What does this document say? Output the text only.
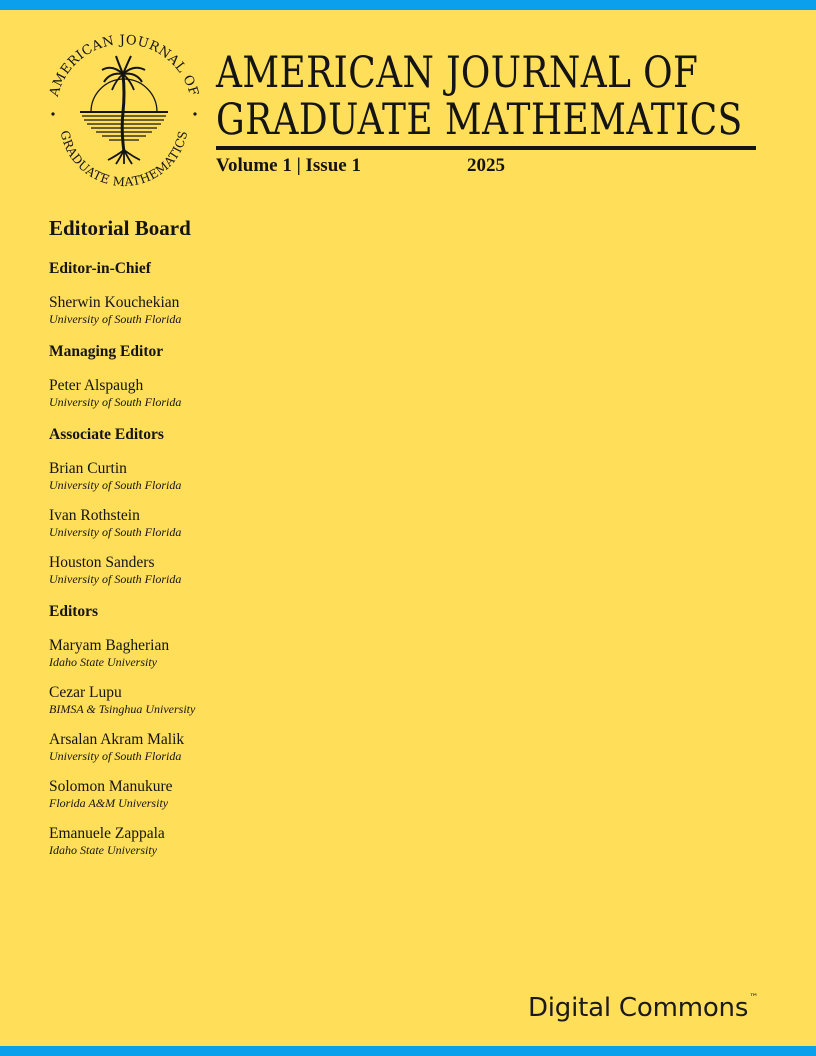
AMERICAN JOURNAL OF
GRADUATE MATHEMATICS
AMERICAN JOURNAL OF
GRADUATE MATHEMATICS
Volume 1 | Issue 1	2025
Editorial Board
Editor-in-Chief
Sherwin Kouchekian
University of South Florida
Managing Editor
Peter Alspaugh
University of South Florida
Associate Editors
Brian Curtin
University of South Florida
Ivan Rothstein
University of South Florida
Houston Sanders
University of South Florida
Editors
Maryam Bagherian
Idaho State University
Cezar Lupu
BIMSA & Tsinghua University
Arsalan Akram Malik
University of South Florida
Solomon Manukure
Florida A&M University
Emanuele Zappala
Idaho State University
Digital Commons™
